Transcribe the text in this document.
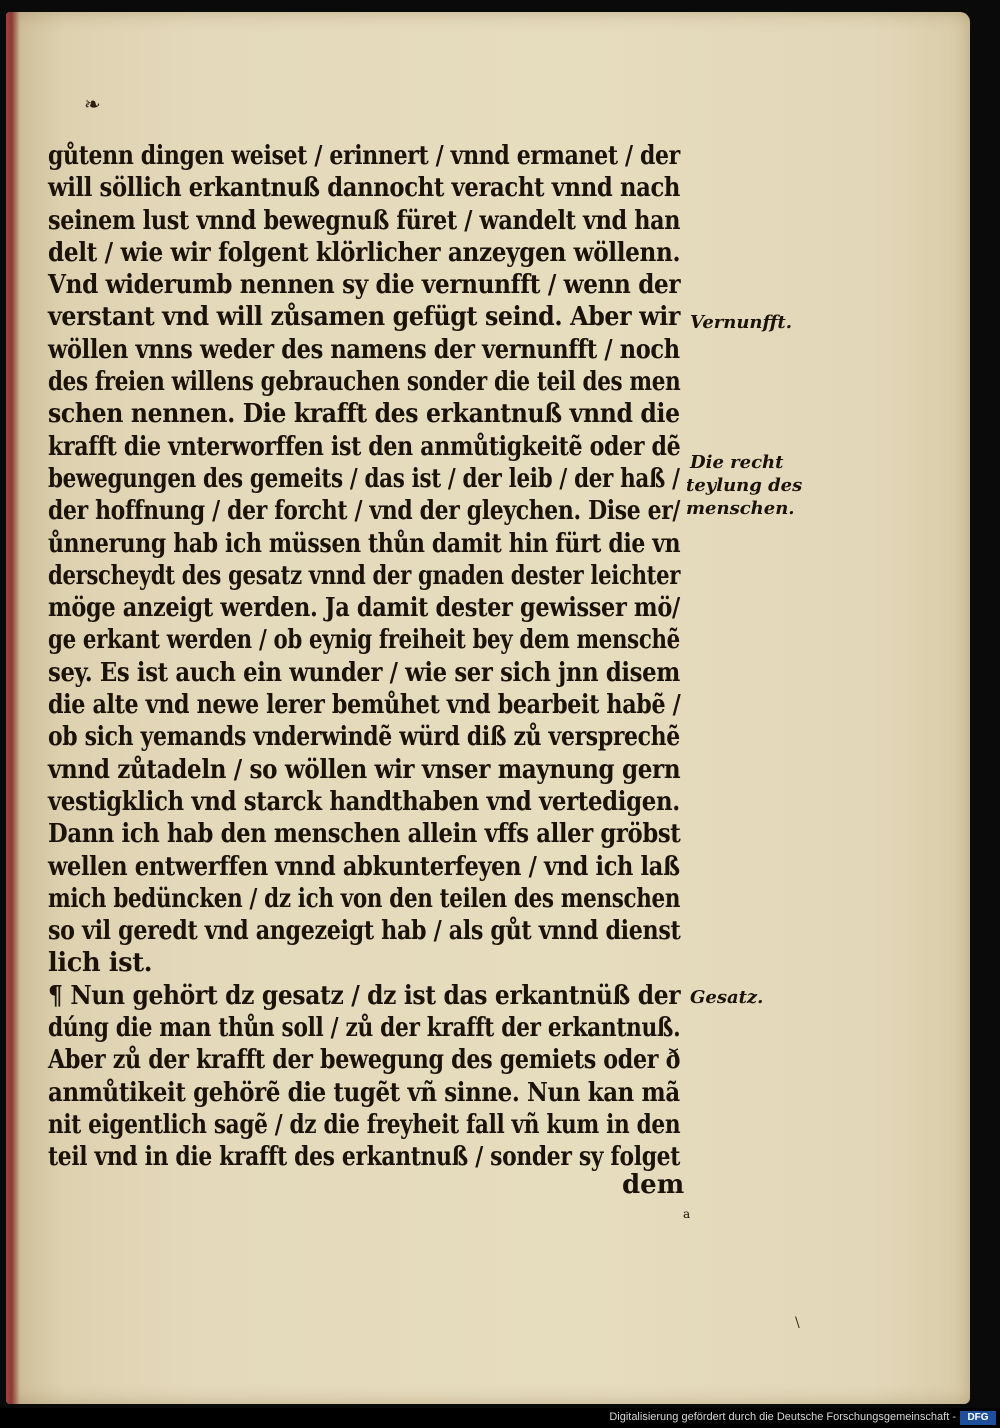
❧
gůtenn dingen weiset / erinnert / vnnd ermanet / der
will söllich erkantnuß dannocht veracht vnnd nach
seinem lust vnnd bewegnuß füret / wandelt vnd han
delt / wie wir folgent klörlicher anzeygen wöllenn.
Vnd widerumb nennen sy die vernunfft / wenn der
verstant vnd will zůsamen gefügt seind. Aber wir
wöllen vnns weder des namens der vernunfft / noch
des freien willens gebrauchen sonder die teil des men
schen nennen. Die krafft des erkantnuß vnnd die
krafft die vnterworffen ist den anmůtigkeitẽ oder dẽ
bewegungen des gemeits / das ist / der leib / der haß /
der hoffnung / der forcht / vnd der gleychen. Dise er/
ůnnerung hab ich müssen thůn damit hin fürt die vn
derscheydt des gesatz vnnd der gnaden dester leichter
möge anzeigt werden. Ja damit dester gewisser mö/
ge erkant werden / ob eynig freiheit bey dem menschẽ
sey. Es ist auch ein wunder / wie ser sich jnn disem
die alte vnd newe lerer bemůhet vnd bearbeit habẽ /
ob sich yemands vnderwindẽ würd diß zů versprechẽ
vnnd zůtadeln / so wöllen wir vnser maynung gern
vestigklich vnd starck handthaben vnd vertedigen.
Dann ich hab den menschen allein vffs aller gröbst
wellen entwerffen vnnd abkunterfeyen / vnd ich laß
mich bedüncken / dz ich von den teilen des menschen
so vil geredt vnd angezeigt hab / als gůt vnnd dienst
lich ist.
¶ Nun gehört dz gesatz / dz ist das erkantnüß der
dúng die man thůn soll / zů der krafft der erkantnuß.
Aber zů der krafft der bewegung des gemiets oder ð
anmůtikeit gehörẽ die tugẽt vñ sinne. Nun kan mã
nit eigentlich sagẽ / dz die freyheit fall vñ kum in den
teil vnd in die krafft des erkantnuß / sonder sy folget
Vernunfft.
Die recht
teylung des
menschen.
Gesatz.
dem
a
\
Digitalisierung gefördert durch die Deutsche Forschungsgemeinschaft -	DFG
